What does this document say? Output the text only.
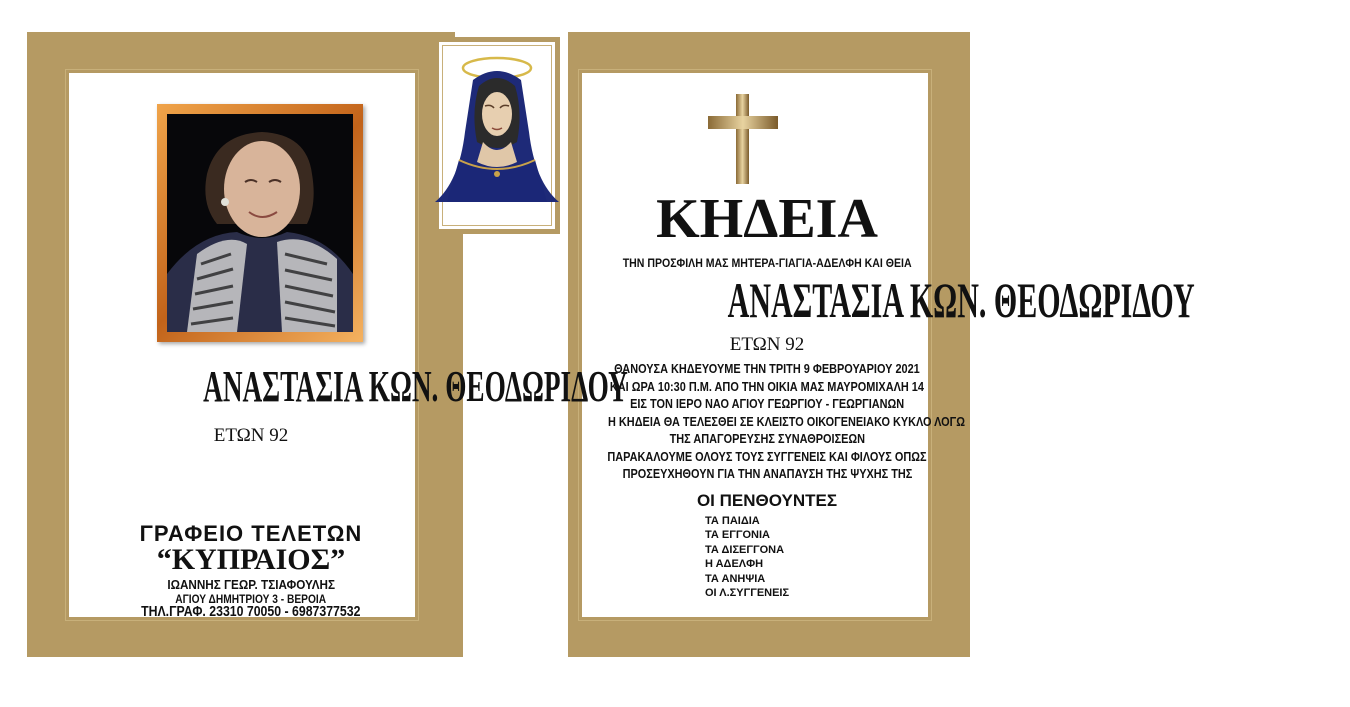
ΑΝΑΣΤΑΣΙΑ ΚΩΝ. ΘΕΟΔΩΡΙΔΟΥ
ΕΤΩΝ 92
ΓΡΑΦΕΙΟ ΤΕΛΕΤΩΝ
“ΚΥΠΡΑΙΟΣ”
ΙΩΑΝΝΗΣ ΓΕΩΡ. ΤΣΙΑΦΟΥΛΗΣ
ΑΓΙΟΥ ΔΗΜΗΤΡΙΟΥ 3 - ΒΕΡΟΙΑ
ΤΗΛ.ΓΡΑΦ. 23310 70050 - 6987377532
ΚΗΔΕΙΑ
ΤΗΝ ΠΡΟΣΦΙΛΗ ΜΑΣ ΜΗΤΕΡΑ-ΓΙΑΓΙΑ-ΑΔΕΛΦΗ ΚΑΙ ΘΕΙΑ
ΑΝΑΣΤΑΣΙΑ ΚΩΝ. ΘΕΟΔΩΡΙΔΟΥ
ΕΤΩΝ 92
ΘΑΝΟΥΣΑ ΚΗΔΕΥΟΥΜΕ ΤΗΝ ΤΡΙΤΗ 9 ΦΕΒΡΟΥΑΡΙΟΥ 2021
ΚΑΙ ΩΡΑ 10:30 Π.Μ. ΑΠΟ ΤΗΝ ΟΙΚΙΑ ΜΑΣ ΜΑΥΡΟΜΙΧΑΛΗ 14
ΕΙΣ ΤΟΝ ΙΕΡΟ ΝΑΟ ΑΓΙΟΥ ΓΕΩΡΓΙΟΥ - ΓΕΩΡΓΙΑΝΩΝ
Η ΚΗΔΕΙΑ ΘΑ ΤΕΛΕΣΘΕΙ ΣΕ ΚΛΕΙΣΤΟ ΟΙΚΟΓΕΝΕΙΑΚΟ ΚΥΚΛΟ ΛΟΓΩ
ΤΗΣ ΑΠΑΓΟΡΕΥΣΗΣ ΣΥΝΑΘΡΟΙΣΕΩΝ
ΠΑΡΑΚΑΛΟΥΜΕ ΟΛΟΥΣ ΤΟΥΣ ΣΥΓΓΕΝΕΙΣ ΚΑΙ ΦΙΛΟΥΣ ΟΠΩΣ
ΠΡΟΣΕΥΧΗΘΟΥΝ ΓΙΑ ΤΗΝ ΑΝΑΠΑΥΣΗ ΤΗΣ ΨΥΧΗΣ ΤΗΣ
ΟΙ ΠΕΝΘΟΥΝΤΕΣ
ΤΑ ΠΑΙΔΙΑ
ΤΑ ΕΓΓΟΝΙΑ
ΤΑ ΔΙΣΕΓΓΟΝΑ
Η ΑΔΕΛΦΗ
ΤΑ ΑΝΗΨΙΑ
ΟΙ Λ.ΣΥΓΓΕΝΕΙΣ
